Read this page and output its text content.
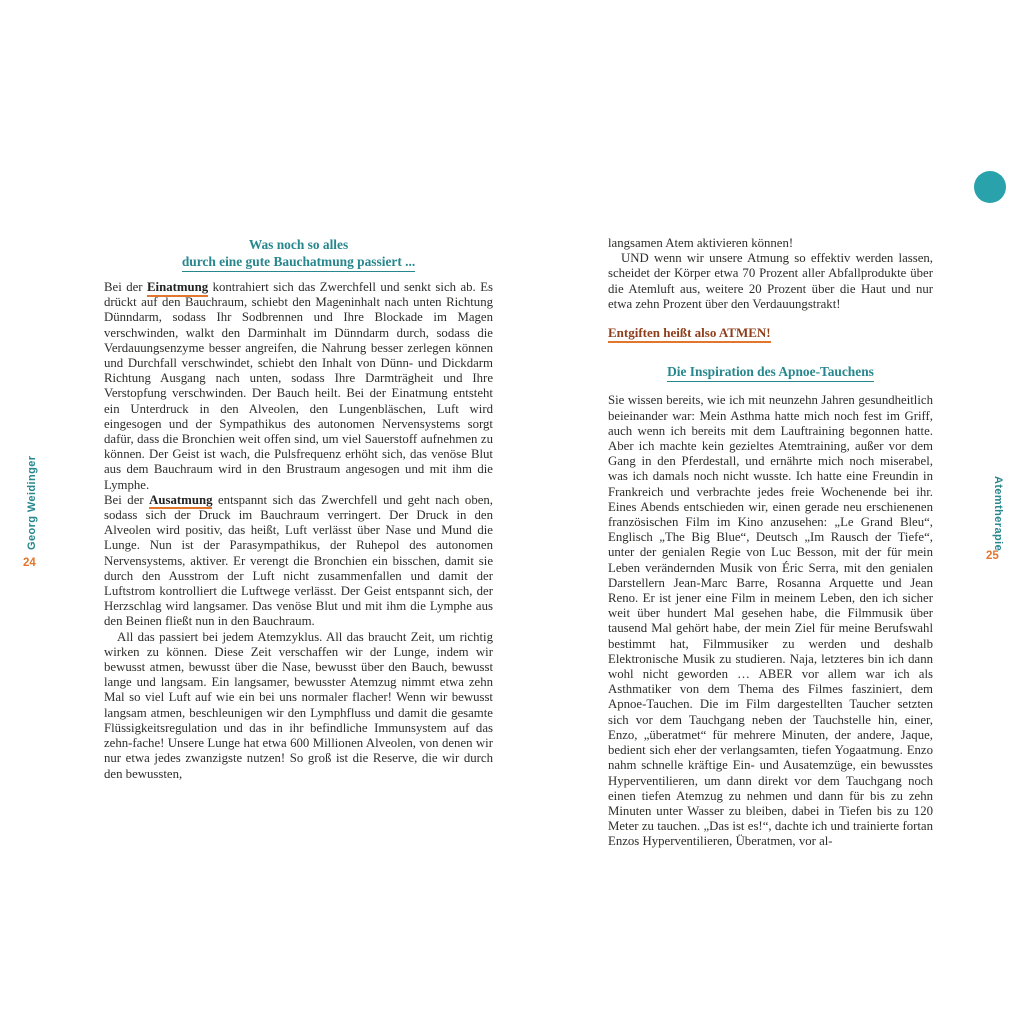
Georg Weidinger
24
Atemtherapie
25
Was noch so alles
durch eine gute Bauchatmung passiert ...

Bei der Einatmung kontrahiert sich das Zwerchfell und senkt sich ab. Es drückt auf den Bauchraum, schiebt den Mageninhalt nach unten Richtung Dünndarm, sodass Ihr Sodbrennen und Ihre Blockade im Magen verschwinden, walkt den Darminhalt im Dünndarm durch, sodass die Verdauungsenzyme besser angreifen, die Nahrung besser zerlegen können und Durchfall verschwindet, schiebt den Inhalt von Dünn- und Dickdarm Richtung Ausgang nach unten, sodass Ihre Darmträgheit und Ihre Verstopfung verschwinden. Der Bauch heilt. Bei der Einatmung entsteht ein Unterdruck in den Alveolen, den Lungenbläschen, Luft wird eingesogen und der Sympathikus des autonomen Nervensystems sorgt dafür, dass die Bronchien weit offen sind, um viel Sauerstoff aufnehmen zu können. Der Geist ist wach, die Pulsfrequenz erhöht sich, das venöse Blut aus dem Bauchraum wird in den Brustraum angesogen und mit ihm die Lymphe.

Bei der Ausatmung entspannt sich das Zwerchfell und geht nach oben, sodass sich der Druck im Bauchraum verringert. Der Druck in den Alveolen wird positiv, das heißt, Luft verlässt über Nase und Mund die Lunge. Nun ist der Parasympathikus, der Ruhepol des autonomen Nervensystems, aktiver. Er verengt die Bronchien ein bisschen, damit sie durch den Ausstrom der Luft nicht zusammenfallen und damit der Luftstrom kontrolliert die Luftwege verlässt. Der Geist entspannt sich, der Herzschlag wird langsamer. Das venöse Blut und mit ihm die Lymphe aus den Beinen fließt nun in den Bauchraum.

All das passiert bei jedem Atemzyklus. All das braucht Zeit, um richtig wirken zu können. Diese Zeit verschaffen wir der Lunge, indem wir bewusst atmen, bewusst über die Nase, bewusst über den Bauch, bewusst lange und langsam. Ein langsamer, bewusster Atemzug nimmt etwa zehn Mal so viel Luft auf wie ein bei uns normaler flacher! Wenn wir bewusst langsam atmen, beschleunigen wir den Lymphfluss und damit die gesamte Flüssigkeitsregulation und das in ihr befindliche Immunsystem auf das zehn-fache! Unsere Lunge hat etwa 600 Millionen Alveolen, von denen wir nur etwa jedes zwanzigste nutzen! So groß ist die Reserve, die wir durch den bewussten,

langsamen Atem aktivieren können!

UND wenn wir unsere Atmung so effektiv werden lassen, scheidet der Körper etwa 70 Prozent aller Abfallprodukte über die Atemluft aus, weitere 20 Prozent über die Haut und nur etwa zehn Prozent über den Verdauungstrakt!

Entgiften heißt also ATMEN!

Die Inspiration des Apnoe-Tauchens

Sie wissen bereits, wie ich mit neunzehn Jahren gesundheitlich beieinander war: Mein Asthma hatte mich noch fest im Griff, auch wenn ich bereits mit dem Lauftraining begonnen hatte. Aber ich machte kein gezieltes Atemtraining, außer vor dem Gang in den Pferdestall, und ernährte mich noch miserabel, was ich damals noch nicht wusste. Ich hatte eine Freundin in Frankreich und verbrachte jedes freie Wochenende bei ihr. Eines Abends entschieden wir, einen gerade neu erschienenen französischen Film im Kino anzusehen: „Le Grand Bleu“, Englisch „The Big Blue“, Deutsch „Im Rausch der Tiefe“, unter der genialen Regie von Luc Besson, mit der für mein Leben verändernden Musik von Éric Serra, mit den genialen Darstellern Jean-Marc Barre, Rosanna Arquette und Jean Reno. Er ist jener eine Film in meinem Leben, den ich sicher weit über hundert Mal gesehen habe, die Filmmusik über tausend Mal gehört habe, der mein Ziel für meine Berufswahl bestimmt hat, Filmmusiker zu werden und deshalb Elektronische Musik zu studieren. Naja, letzteres bin ich dann wohl nicht geworden … ABER vor allem war ich als Asthmatiker von dem Thema des Filmes fasziniert, dem Apnoe-Tauchen. Die im Film dargestellten Taucher setzten sich vor dem Tauchgang neben der Tauchstelle hin, einer, Enzo, „überatmet“ für mehrere Minuten, der andere, Jaque, bedient sich eher der verlangsamten, tiefen Yogaatmung. Enzo nahm schnelle kräftige Ein- und Ausatemzüge, ein bewusstes Hyperventilieren, um dann direkt vor dem Tauchgang noch einen tiefen Atemzug zu nehmen und dann für bis zu zehn Minuten unter Wasser zu bleiben, dabei in Tiefen bis zu 120 Meter zu tauchen. „Das ist es!“, dachte ich und trainierte fortan Enzos Hyperventilieren, Überatmen, vor al-
